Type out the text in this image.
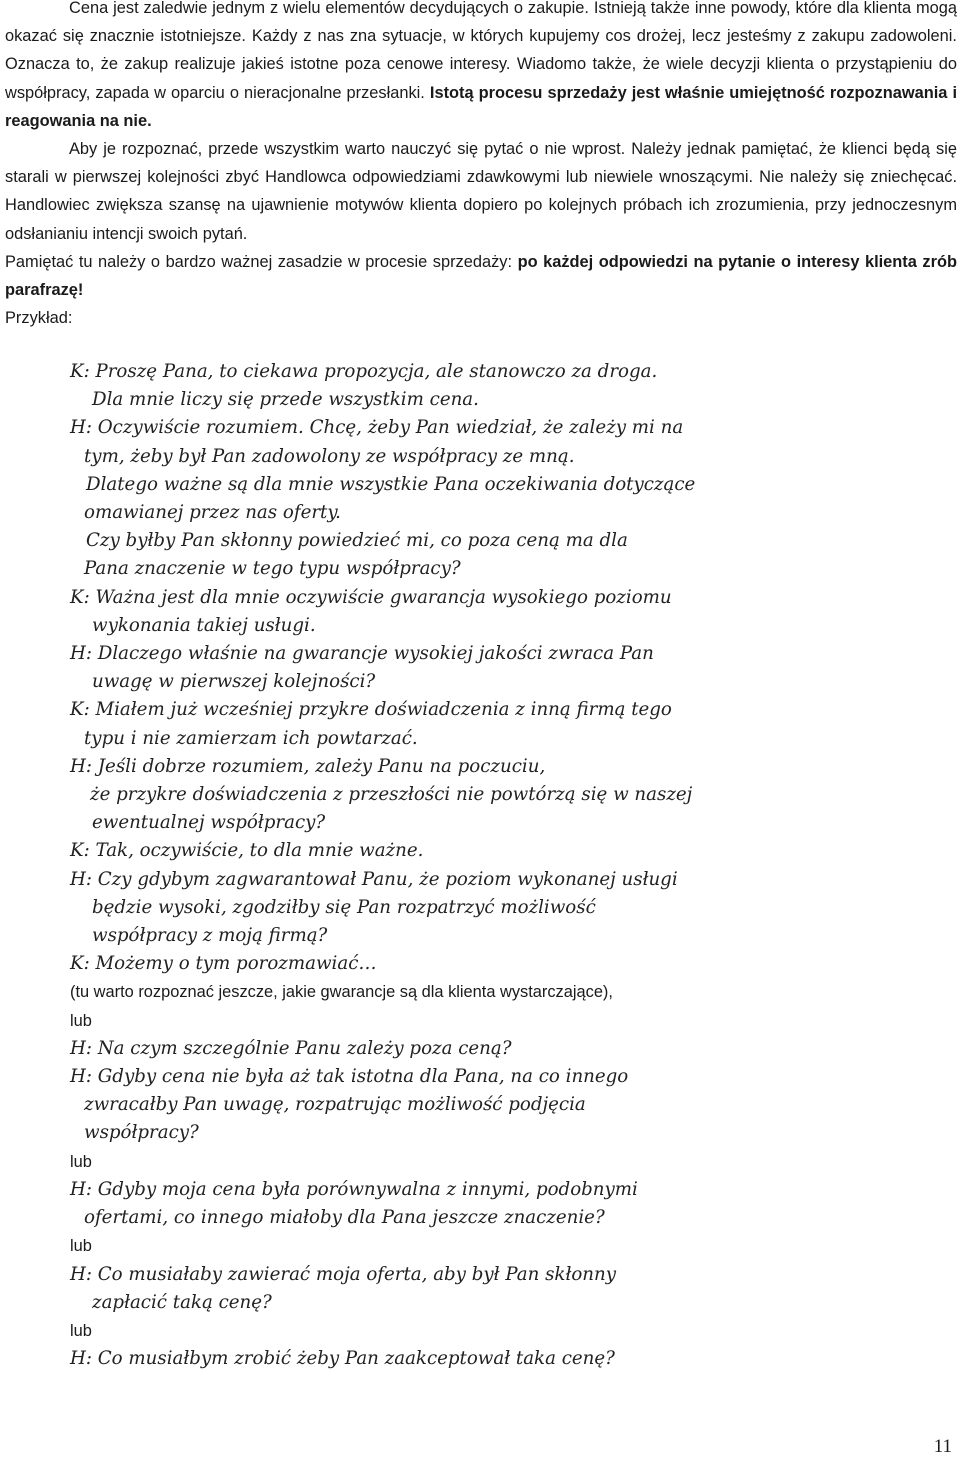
Cena jest zaledwie jednym z wielu elementów decydujących o zakupie. Istnieją także inne powody, które dla klienta mogą okazać się znacznie istotniejsze. Każdy z nas zna sytuacje, w których kupujemy cos drożej, lecz jesteśmy z zakupu zadowoleni. Oznacza to, że zakup realizuje jakieś istotne poza cenowe interesy. Wiadomo także, że wiele decyzji klienta o przystąpieniu do współpracy, zapada w oparciu o nieracjonalne przesłanki. Istotą procesu sprzedaży jest właśnie umiejętność rozpoznawania i reagowania na nie.

Aby je rozpoznać, przede wszystkim warto nauczyć się pytać o nie wprost. Należy jednak pamiętać, że klienci będą się starali w pierwszej kolejności zbyć Handlowca odpowiedziami zdawkowymi lub niewiele wnoszącymi. Nie należy się zniechęcać. Handlowiec zwiększa szansę na ujawnienie motywów klienta dopiero po kolejnych próbach ich zrozumienia, przy jednoczesnym odsłanianiu intencji swoich pytań.

Pamiętać tu należy o bardzo ważnej zasadzie w procesie sprzedaży: po każdej odpowiedzi na pytanie o interesy klienta zrób parafrazę!

Przykład:

K: Proszę Pana, to ciekawa propozycja, ale stanowczo za droga.

Dla mnie liczy się przede wszystkim cena.

H: Oczywiście rozumiem. Chcę, żeby Pan wiedział, że zależy mi na

tym, żeby był Pan zadowolony ze współpracy ze mną.

Dlatego ważne są dla mnie wszystkie Pana oczekiwania dotyczące

omawianej przez nas oferty.

Czy byłby Pan skłonny powiedzieć mi, co poza ceną ma dla

Pana znaczenie w tego typu współpracy?

K: Ważna jest dla mnie oczywiście gwarancja wysokiego poziomu

wykonania takiej usługi.

H: Dlaczego właśnie na gwarancje wysokiej jakości zwraca Pan

uwagę w pierwszej kolejności?

K: Miałem już wcześniej przykre doświadczenia z inną firmą tego

typu i nie zamierzam ich powtarzać.

H: Jeśli dobrze rozumiem, zależy Panu na poczuciu,

że przykre doświadczenia z przeszłości nie powtórzą się w naszej

ewentualnej współpracy?

K: Tak, oczywiście, to dla mnie ważne.

H: Czy gdybym zagwarantował Panu, że poziom wykonanej usługi

będzie wysoki, zgodziłby się Pan rozpatrzyć możliwość

współpracy z moją firmą?

K: Możemy o tym porozmawiać…

(tu warto rozpoznać jeszcze, jakie gwarancje są dla klienta wystarczające),

lub

H: Na czym szczególnie Panu zależy poza ceną?

H: Gdyby cena nie była aż tak istotna dla Pana, na co innego

zwracałby Pan uwagę, rozpatrując możliwość podjęcia

współpracy?

lub

H: Gdyby moja cena była porównywalna z innymi, podobnymi

ofertami, co innego miałoby dla Pana jeszcze znaczenie?

lub

H: Co musiałaby zawierać moja oferta, aby był Pan skłonny

zapłacić taką cenę?

lub

H: Co musiałbym zrobić żeby Pan zaakceptował taka cenę?

11
